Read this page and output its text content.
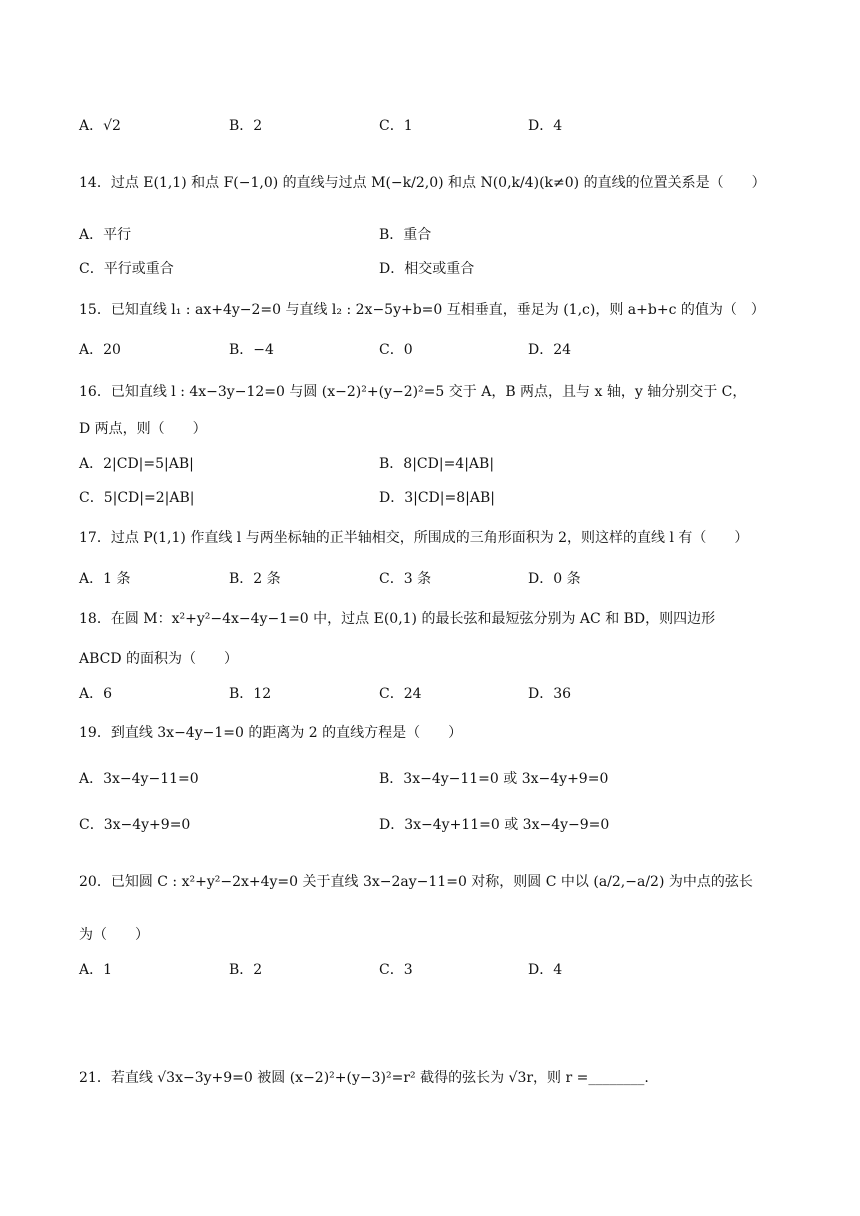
A．√2	B．2	C．1	D．4
14．过点 E(1,1) 和点 F(−1,0) 的直线与过点 M(−k/2,0) 和点 N(0,k/4)(k≠0) 的直线的位置关系是（　　）
A．平行	B．重合
C．平行或重合	D．相交或重合
15．已知直线 l₁ : ax+4y−2=0 与直线 l₂ : 2x−5y+b=0 互相垂直，垂足为 (1,c)，则 a+b+c 的值为（　）
A．20	B．−4	C．0	D．24
16．已知直线 l : 4x−3y−12=0 与圆 (x−2)²+(y−2)²=5 交于 A，B 两点，且与 x 轴，y 轴分别交于 C，
D 两点，则（　　）
A．2|CD|=5|AB|	B．8|CD|=4|AB|
C．5|CD|=2|AB|	D．3|CD|=8|AB|
17．过点 P(1,1) 作直线 l 与两坐标轴的正半轴相交，所围成的三角形面积为 2，则这样的直线 l 有（　　）
A．1 条	B．2 条	C．3 条	D．0 条
18．在圆 M：x²+y²−4x−4y−1=0 中，过点 E(0,1) 的最长弦和最短弦分别为 AC 和 BD，则四边形
ABCD 的面积为（　　）
A．6	B．12	C．24	D．36
19．到直线 3x−4y−1=0 的距离为 2 的直线方程是（　　）
A．3x−4y−11=0	B．3x−4y−11=0 或 3x−4y+9=0
C．3x−4y+9=0	D．3x−4y+11=0 或 3x−4y−9=0
20．已知圆 C : x²+y²−2x+4y=0 关于直线 3x−2ay−11=0 对称，则圆 C 中以 (a/2,−a/2) 为中点的弦长
为（　　）
A．1	B．2	C．3	D．4
21．若直线 √3x−3y+9=0 被圆 (x−2)²+(y−3)²=r² 截得的弦长为 √3r，则 r =________.
